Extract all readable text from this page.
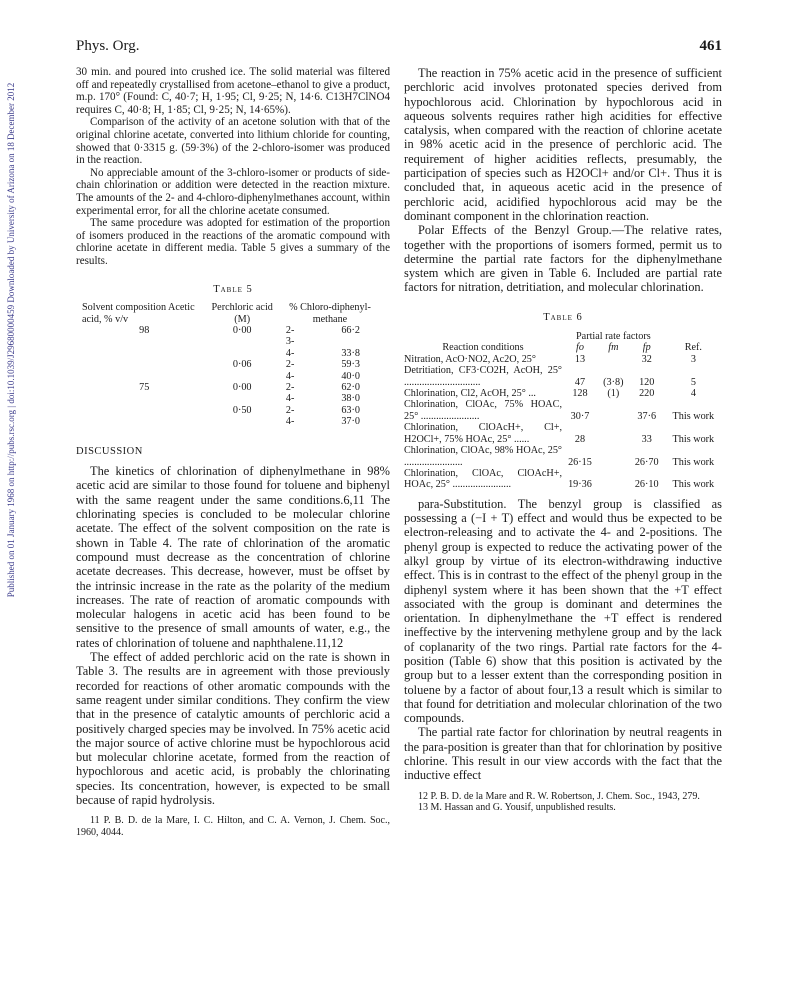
Published on 01 January 1968 on http://pubs.rsc.org | doi:10.1039/J29680000459 Downloaded by University of Arizona on 18 December 2012
Phys. Org.	461

30 min. and poured into crushed ice. The solid material was filtered off and repeatedly crystallised from acetone–ethanol to give a product, m.p. 170° (Found: C, 40·7; H, 1·95; Cl, 9·25; N, 14·6. C13H7ClNO4 requires C, 40·8; H, 1·85; Cl, 9·25; N, 14·65%).

Comparison of the activity of an acetone solution with that of the original chlorine acetate, converted into lithium chloride for counting, showed that 0·3315 g. (59·3%) of the 2-chloro-isomer was produced in the reaction.

No appreciable amount of the 3-chloro-isomer or products of side-chain chlorination or addition were detected in the reaction mixture. The amounts of the 2- and 4-chloro-diphenylmethanes account, within experimental error, for all the chlorine acetate consumed.

The same procedure was adopted for estimation of the proportion of isomers produced in the reactions of the aromatic compound with chlorine acetate in different media. Table 5 gives a summary of the results.

Table 5
Solvent composition Acetic acid, % v/v	Perchloric acid (M)	% Chloro-diphenyl-methane	
98	0·00	2-	66·2
		3-	
		4-	33·8
	0·06	2-	59·3
		4-	40·0
75	0·00	2-	62·0
		4-	38·0
	0·50	2-	63·0
		4-	37·0
DISCUSSION

The kinetics of chlorination of diphenylmethane in 98% acetic acid are similar to those found for toluene and biphenyl with the same reagent under the same conditions.6,11 The chlorinating species is concluded to be molecular chlorine acetate. The effect of the solvent composition on the rate is shown in Table 4. The rate of chlorination of the aromatic compound must decrease as the concentration of chlorine acetate decreases. This decrease, however, must be offset by the intrinsic increase in the rate as the polarity of the medium increases. The rate of reaction of aromatic compounds with molecular halogens in acetic acid has been found to be sensitive to the presence of small amounts of water, e.g., the rates of chlorination of toluene and naphthalene.11,12

The effect of added perchloric acid on the rate is shown in Table 3. The results are in agreement with those previously recorded for reactions of other aromatic compounds with the same reagent under similar conditions. They confirm the view that in the presence of catalytic amounts of perchloric acid a positively charged species may be involved. In 75% acetic acid the major source of active chlorine must be hypochlorous acid but molecular chlorine acetate, formed from the reaction of hypochlorous and acetic acid, is probably the chlorinating species. Its concentration, however, is expected to be small because of rapid hydrolysis.

11 P. B. D. de la Mare, I. C. Hilton, and C. A. Vernon, J. Chem. Soc., 1960, 4044.

The reaction in 75% acetic acid in the presence of sufficient perchloric acid involves protonated species derived from hypochlorous acid. Chlorination by hypochlorous acid in aqueous solvents requires rather high acidities for effective catalysis, when compared with the reaction of chlorine acetate in 98% acetic acid in the presence of perchloric acid. The requirement of higher acidities reflects, presumably, the participation of species such as H2OCl+ and/or Cl+. Thus it is concluded that, in aqueous acetic acid in the presence of perchloric acid, acidified hypochlorous acid may be the dominant component in the chlorination reaction.

Polar Effects of the Benzyl Group.—The relative rates, together with the proportions of isomers formed, permit us to determine the partial rate factors for the diphenylmethane system which are given in Table 6. Included are partial rate factors for nitration, detritiation, and molecular chlorination.

Table 6
	Partial rate factors			
Reaction conditions	fo	fm	fp	Ref.
Nitration, AcO·NO2, Ac2O, 25°	13		32	3
Detritiation, CF3·CO2H, AcOH, 25° ..............................	47	(3·8)	120	5
Chlorination, Cl2, AcOH, 25° ...	128	(1)	220	4
Chlorination, ClOAc, 75% HOAC, 25° .......................	30·7		37·6	This work
Chlorination, ClOAcH+, Cl+, H2OCl+, 75% HOAc, 25° ......	28		33	This work
Chlorination, ClOAc, 98% HOAc, 25° .......................	26·15		26·70	This work
Chlorination, ClOAc, ClOAcH+, HOAc, 25° .......................	19·36		26·10	This work

para-Substitution. The benzyl group is classified as possessing a (−I + T) effect and would thus be expected to be electron-releasing and to activate the 4- and 2-positions. The phenyl group is expected to reduce the activating power of the alkyl group by virtue of its electron-withdrawing inductive effect. This is in contrast to the effect of the phenyl group in the diphenyl system where it has been shown that the +T effect associated with the group is dominant and determines the orientation. In diphenylmethane the +T effect is rendered ineffective by the intervening methylene group and by the lack of coplanarity of the two rings. Partial rate factors for the 4-position (Table 6) show that this position is activated by the group but to a lesser extent than the corresponding position in toluene by a factor of about four,13 a result which is similar to that found for detritiation and molecular chlorination of the two compounds.

The partial rate factor for chlorination by neutral reagents in the para-position is greater than that for chlorination by positive chlorine. This result in our view accords with the fact that the inductive effect

12 P. B. D. de la Mare and R. W. Robertson, J. Chem. Soc., 1943, 279.

13 M. Hassan and G. Yousif, unpublished results.
